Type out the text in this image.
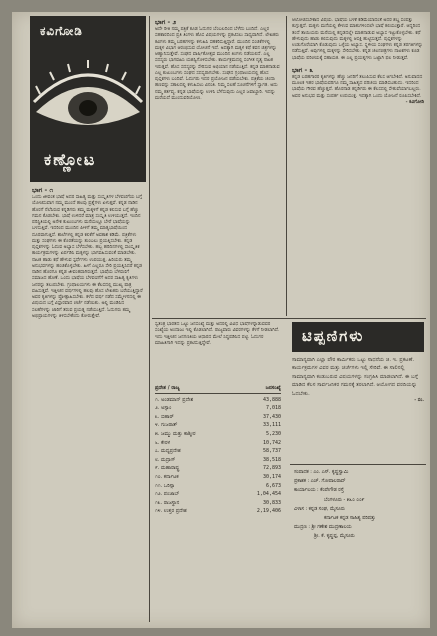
ಕವಿಗೋಡಿ
ಕಣ್ಣೋಟ
ಭಾಗ - ೧
ಒಂದು ಜೀವಂತ ಭಾಷೆ ಅದರ ಸಾಹಿತ್ಯ ಮತ್ತು ಸಂಸ್ಕೃತಿಗಳ ಬೆಳವಣಿಗೆಯ ಬಗ್ಗೆ ಯೋಚಿಸುವಾಗ ನಮ್ಮ ಮುಂದೆ ಹಲವು ಪ್ರಶ್ನೆಗಳು ಏಳುತ್ತವೆ. ಕನ್ನಡ ನಾಡಿನ ಹೊರಗೆ ನೆಲೆಸಿರುವ ಕನ್ನಡಿಗರು ತಮ್ಮ ಮಕ್ಕಳಿಗೆ ಕನ್ನಡ ಕಲಿಸುವ ಬಗ್ಗೆ ಹೆಚ್ಚು ಗಮನ ಕೊಡಬೇಕು. ಭಾಷೆ ಉಳಿದರೆ ಮಾತ್ರ ಸಂಸ್ಕೃತಿ ಉಳಿಯುತ್ತದೆ. ಇಂದಿನ ಪರಿಸ್ಥಿತಿಯಲ್ಲಿ ಅನೇಕ ಕುಟುಂಬಗಳು ಮನೆಯಲ್ಲೂ ಬೇರೆ ಭಾಷೆಯನ್ನು ಬಳಸುತ್ತಿವೆ. ಇದರಿಂದ ಮುಂದಿನ ಪೀಳಿಗೆ ತಮ್ಮ ಮಾತೃಭಾಷೆಯಿಂದ ದೂರವಾಗುತ್ತಿದೆ. ಶಾಲೆಗಳಲ್ಲಿ ಕನ್ನಡ ಕಲಿಕೆಗೆ ಅವಕಾಶ ಕಡಿಮೆ. ಪತ್ರಿಕೆಗಳು ಮತ್ತು ಸಂಘಗಳು ಈ ಕೊರತೆಯನ್ನು ತುಂಬಲು ಪ್ರಯತ್ನಿಸಬೇಕು. ಕನ್ನಡ ಪುಸ್ತಕಗಳನ್ನು ಓದುವ ಅಭ್ಯಾಸ ಬೆಳೆಸಬೇಕು. ಹಬ್ಬ ಹರಿದಿನಗಳಲ್ಲಿ ಸಾಂಸ್ಕೃತಿಕ ಕಾರ್ಯಕ್ರಮಗಳನ್ನು ಏರ್ಪಡಿಸಿ ಮಕ್ಕಳನ್ನು ಭಾಗವಹಿಸುವಂತೆ ಮಾಡಬೇಕು. ನಾಟಕ ಹಾಡು ಕಥೆ ಹೇಳುವ ಸ್ಪರ್ಧೆಗಳು ಉಪಯುಕ್ತ. ಹಿರಿಯರು ತಮ್ಮ ಅನುಭವಗಳನ್ನು ಹಂಚಿಕೊಳ್ಳಬೇಕು. ಹೀಗೆ ಎಲ್ಲರೂ ಸೇರಿ ಪ್ರಯತ್ನಿಸಿದರೆ ಕನ್ನಡ ನಾಡಿನ ಹೊರಗೂ ಕನ್ನಡ ಜೀವಂತವಾಗಿರುತ್ತದೆ. ಭಾಷೆಯ ಬೆಳವಣಿಗೆ ಸಮಾಜದ ಹೊಣೆ. ಒಂದು ಭಾಷೆಯ ಬೆಳವಣಿಗೆಗೆ ಅದರ ಸಾಹಿತ್ಯ ಕೃತಿಗಳು ಜನರನ್ನು ತಲುಪಬೇಕು. ಗ್ರಂಥಾಲಯಗಳು ಈ ಕೆಲಸದಲ್ಲಿ ಮುಖ್ಯ ಪಾತ್ರ ವಹಿಸುತ್ತವೆ. ಇತ್ತೀಚಿನ ವರ್ಷಗಳಲ್ಲಿ ಹಲವು ಹೊಸ ಲೇಖಕರು ಬರೆಯುತ್ತಿದ್ದಾರೆ ಅವರ ಕೃತಿಗಳನ್ನು ಪ್ರೋತ್ಸಾಹಿಸಬೇಕು. ಕಳೆದ ವರ್ಷ ನಡೆದ ಸಮ್ಮೇಳನದಲ್ಲಿ ಈ ವಿಷಯದ ಬಗ್ಗೆ ವಿಸ್ತಾರವಾದ ಚರ್ಚೆ ನಡೆಯಿತು. ಅಲ್ಲಿ ಮಂಡಿಸಿದ ಸಲಹೆಗಳನ್ನು ಜಾರಿಗೆ ತರುವ ಪ್ರಯತ್ನ ನಡೆಯುತ್ತಿದೆ. ಓದುಗರು ತಮ್ಮ ಅಭಿಪ್ರಾಯಗಳನ್ನು ತಿಳಿಸಬೇಕೆಂದು ಕೋರುತ್ತೇವೆ.
ಭಾಗ - ೨
ಅದೇ ರೀತಿ ನಮ್ಮ ಪತ್ರಿಕೆ ಕೂಡ ಓದುಗರ ಬೆಂಬಲದಿಂದ ಬೆಳೆದು ಬಂದಿದೆ. ಎಲ್ಲರ ಸಹಕಾರದಿಂದ ಪ್ರತಿ ತಿಂಗಳು ಹೊಸ ವಿಷಯಗಳನ್ನು ಪ್ರಕಟಿಸಲು ಸಾಧ್ಯವಾಗಿದೆ. ಲೇಖಕರು ಕವಿಗಳು ತಮ್ಮ ಬರಹಗಳನ್ನು ಕಳುಹಿಸಿ ಸಹಕರಿಸುತ್ತಿದ್ದಾರೆ. ಮುಂದಿನ ಸಂಚಿಕೆಗಳಲ್ಲಿ ಮಕ್ಕಳ ವಿಭಾಗ ಆರಂಭಿಸುವ ಯೋಚನೆ ಇದೆ. ಅದಕ್ಕಾಗಿ ಮಕ್ಕಳ ಕಥೆ ಕವನ ಚಿತ್ರಗಳನ್ನು ಆಹ್ವಾನಿಸುತ್ತೇವೆ. ಸಂಘದ ವಾರ್ಷಿಕೋತ್ಸವ ಮುಂದಿನ ತಿಂಗಳು ನಡೆಯಲಿದೆ. ಎಲ್ಲ ಸದಸ್ಯರು ಭಾಗವಹಿಸಿ ಯಶಸ್ವಿಗೊಳಿಸಬೇಕು. ಕಾರ್ಯಕ್ರಮದಲ್ಲಿ ಸಂಗೀತ ನೃತ್ಯ ನಾಟಕ ಇರುತ್ತವೆ. ಹೊಸ ಸದಸ್ಯರನ್ನು ಸೇರಿಸುವ ಅಭಿಯಾನ ನಡೆಯುತ್ತಿದೆ. ಕನ್ನಡ ಮಾತನಾಡುವ ಎಲ್ಲ ಕುಟುಂಬಗಳು ಸಂಘದ ಸದಸ್ಯರಾಗಬೇಕು. ಸಂಘದ ಗ್ರಂಥಾಲಯದಲ್ಲಿ ಹೊಸ ಪುಸ್ತಕಗಳು ಬಂದಿವೆ. ಓದುಗರು ಇದರ ಪ್ರಯೋಜನ ಪಡೆಯಬೇಕು. ಪತ್ರಿಕೆಯ ಚಂದಾ ಹಣವನ್ನು ಸಕಾಲದಲ್ಲಿ ಕಳುಹಿಸಲು ವಿನಂತಿ. ನಿಮ್ಮ ಸಲಹೆ ಸೂಚನೆಗಳಿಗೆ ಸ್ವಾಗತ. ಅದು ನಮ್ಮ ಕರ್ತವ್ಯ. ಕನ್ನಡ ಭಾಷೆಯನ್ನು ಉಳಿಸಿ ಬೆಳೆಸುವುದು ಎಲ್ಲರ ಜವಾಬ್ದಾರಿ. ಇದನ್ನು ಮರೆಯದೆ ಮುಂದುವರಿಯೋಣ.
ಆಲೋಚಿಸಬೇಕಾದ ವಿಷಯ. ಭಾಷೆಯ ಬಳಕೆ ಕಡಿಮೆಯಾದಂತೆ ಅದರ ಶಬ್ದ ಸಂಪತ್ತು ಕುಗ್ಗುತ್ತದೆ. ಮಕ್ಕಳು ಮನೆಯಲ್ಲಿ ಕೇಳುವ ಮಾತುಗಳಿಂದಲೇ ಭಾಷೆ ಕಲಿಯುತ್ತಾರೆ. ಆದ್ದರಿಂದ ತಂದೆ ತಾಯಿಯರು ಮನೆಯಲ್ಲಿ ಕನ್ನಡದಲ್ಲೇ ಮಾತನಾಡುವ ಅಭ್ಯಾಸ ಇಟ್ಟುಕೊಳ್ಳಬೇಕು. ಕಥೆ ಹೇಳುವುದು ಹಾಡು ಕಲಿಸುವುದು ಮಕ್ಕಳಲ್ಲಿ ಆಸಕ್ತಿ ಹುಟ್ಟಿಸುತ್ತದೆ. ಪುಸ್ತಕಗಳನ್ನು ಉಡುಗೊರೆಯಾಗಿ ಕೊಡುವುದು ಒಳ್ಳೆಯ ಅಭ್ಯಾಸ. ಸ್ಥಳೀಯ ಸಂಘಗಳು ಕನ್ನಡ ತರಗತಿಗಳನ್ನು ನಡೆಸುತ್ತಿವೆ. ಅವುಗಳಲ್ಲಿ ಮಕ್ಕಳನ್ನು ಸೇರಿಸಬೇಕು. ಕನ್ನಡ ಚಲನಚಿತ್ರಗಳು ನಾಟಕಗಳು ಕೂಡ ಭಾಷೆಯ ಪರಿಚಯಕ್ಕೆ ಸಹಾಯಕ. ಈ ಎಲ್ಲ ಪ್ರಯತ್ನಗಳು ಒಟ್ಟಾಗಿ ಫಲ ನೀಡುತ್ತವೆ.
ಭಾಗ - ೩
ಕನ್ನಡ ಬರಹಗಾರರ ಕೃತಿಗಳನ್ನು ಹೆಚ್ಚು ಜನರಿಗೆ ತಲುಪಿಸುವ ಕೆಲಸ ಆಗಬೇಕಿದೆ. ಅನುವಾದದ ಮೂಲಕ ಇತರ ಭಾಷೆಯವರಿಗೂ ನಮ್ಮ ಸಾಹಿತ್ಯದ ಪರಿಚಯ ಮಾಡಿಸಬಹುದು. ಇದರಿಂದ ಭಾಷೆಯ ಗೌರವ ಹೆಚ್ಚುತ್ತದೆ. ಹೊರನಾಡ ಕನ್ನಡಿಗರು ಈ ಕೆಲಸದಲ್ಲಿ ಸೇತುವೆಯಾಗಬಲ್ಲರು. ಅವರ ಅನುಭವ ಮತ್ತು ಸಂಪರ್ಕ ಉಪಯುಕ್ತ. ಇದಕ್ಕಾಗಿ ಒಂದು ಯೋಜನೆ ರೂಪಿಸಬೇಕಿದೆ.
- ಕವಿಗೋಡಿ
ಸ್ವತಂತ್ರ ಭಾರತದ ಒಟ್ಟು ಜನಸಂಖ್ಯೆ ಮತ್ತು ಅದರಲ್ಲಿ ವಿವಿಧ ಭಾಷೆಗಳನ್ನಾಡುವವರ ಸಂಖ್ಯೆಯ ಅಂದಾಜು ಇಲ್ಲಿ ಕೊಡಲಾಗಿದೆ. ರಾಜ್ಯವಾರು ವಿವರಗಳನ್ನು ಕೆಳಗೆ ನೀಡಲಾಗಿದೆ. ಇದು ಇತ್ತೀಚಿನ ಜನಗಣತಿಯ ಆಧಾರದ ಮೇಲೆ ಸಿದ್ಧಪಡಿಸಿದ ಪಟ್ಟಿ. ಓದುಗರ ಮಾಹಿತಿಗಾಗಿ ಇದನ್ನು ಪ್ರಕಟಿಸುತ್ತಿದ್ದೇವೆ.
ಪ್ರದೇಶ / ರಾಜ್ಯ	ಜನಸಂಖ್ಯೆ
೧. ಅಂಡಮಾನ್ ಪ್ರದೇಶ	43,888
೨. ಅಸ್ಸಾಂ	7,018
೩. ಬಿಹಾರ್	37,430
೪. ಗುಜರಾತ್	33,111
೫. ಜಮ್ಮು ಮತ್ತು ಕಾಶ್ಮೀರ	5,230
೬. ಕೇರಳ	10,742
೭. ಮಧ್ಯಪ್ರದೇಶ	58,737
೮. ಮದ್ರಾಸ್	38,518
೯. ಮಹಾರಾಷ್ಟ್ರ	72,893
೧೦. ಕರ್ನಾಟಕ	30,174
೧೧. ಒರಿಸ್ಸಾ	6,673
೧೨. ಪಂಜಾಬ್	1,04,454
೧೩. ರಾಜಸ್ಥಾನ	30,833
೧೪. ಉತ್ತರ ಪ್ರದೇಶ	2,19,406
ಟಿಪ್ಪಣಿಗಳು
ಸಾಮಾನ್ಯವಾಗಿ ಎಲ್ಲಾ ಪೌರ ಕಾರ್ಮಿಕರು ಒಟ್ಟು ಸಾಧನೆಯ ಜಿ. ಇ. ಪ್ರಕಟಣೆ. ಕಾರ್ಯಕ್ರಮಗಳ ವಿವರ ಮತ್ತು ಚರ್ಚೆಗಳು ಇಲ್ಲಿ ಸೇರಿವೆ. ಈ ಸಾಲಿನಲ್ಲಿ ಸಾಮಾನ್ಯವಾಗಿ ಕಂಡುಬರುವ ವಿಷಯಗಳನ್ನು ಸಂಗ್ರಹಿಸಿ ಮಾಡಲಾಗಿದೆ. ಈ ಬಗ್ಗೆ ಮಾಡಿದ ಕೆಲಸ ಸಾರ್ವಜನಿಕರ ಗಮನಕ್ಕೆ ತರಲಾಗಿದೆ. ಆಯೋಗದ ವರದಿಯನ್ನು ಓದಬೇಕು.
- ಸಂ.
ಸಂಪಾದಕ : ಎಂ. ಎಸ್. ಕೃಷ್ಣಸ್ವಾಮಿ
ಪ್ರಕಾಶಕ : ಎಚ್. ಗೋಪಾಲರಾವ್
ಕಾರ್ಯಾಲಯ : ಕೆಂಪೇಗೌಡ ರಸ್ತೆ
ಬೆಂಗಳೂರು - ೫೬೦ ೦೦೯
ವಿಳಾಸ : ಕನ್ನಡ ಸಂಘ, ಮೈಸೂರು
ಕರ್ನಾಟಕ ಕನ್ನಡ ಸಾಹಿತ್ಯ ಪರಿಷತ್ತು
ಮುದ್ರಣ : ಶ್ರೀ ಗಣೇಶ ಮುದ್ರಣಾಲಯ
ಶ್ರೀ. ಕೆ. ಕೃಷ್ಣಪ್ಪ, ಮೈಸೂರು
